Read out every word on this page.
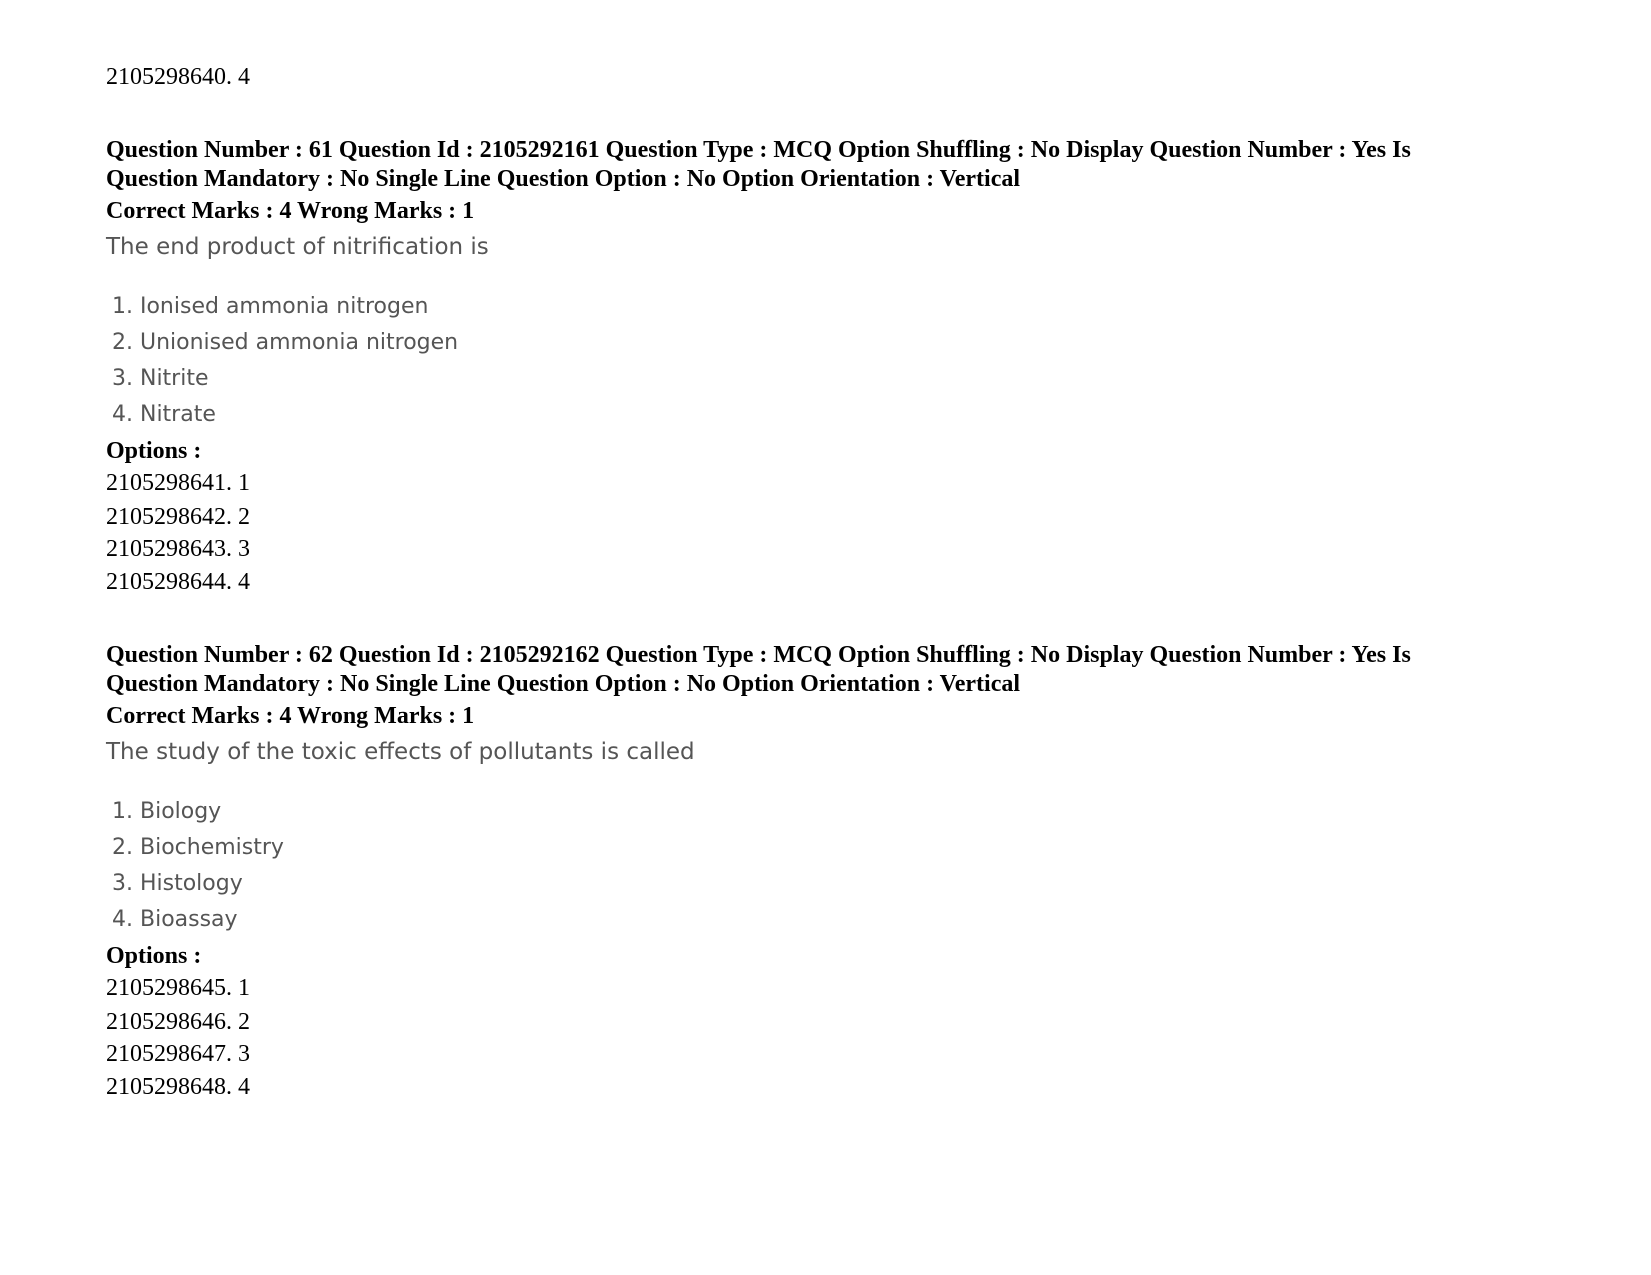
2105298640. 4
Question Number : 61 Question Id : 2105292161 Question Type : MCQ Option Shuffling : No Display Question Number : Yes Is
Question Mandatory : No Single Line Question Option : No Option Orientation : Vertical
Correct Marks : 4 Wrong Marks : 1
The end product of nitrification is
1. Ionised ammonia nitrogen
2. Unionised ammonia nitrogen
3. Nitrite
4. Nitrate
Options :
2105298641. 1
2105298642. 2
2105298643. 3
2105298644. 4
Question Number : 62 Question Id : 2105292162 Question Type : MCQ Option Shuffling : No Display Question Number : Yes Is
Question Mandatory : No Single Line Question Option : No Option Orientation : Vertical
Correct Marks : 4 Wrong Marks : 1
The study of the toxic effects of pollutants is called
1. Biology
2. Biochemistry
3. Histology
4. Bioassay
Options :
2105298645. 1
2105298646. 2
2105298647. 3
2105298648. 4
